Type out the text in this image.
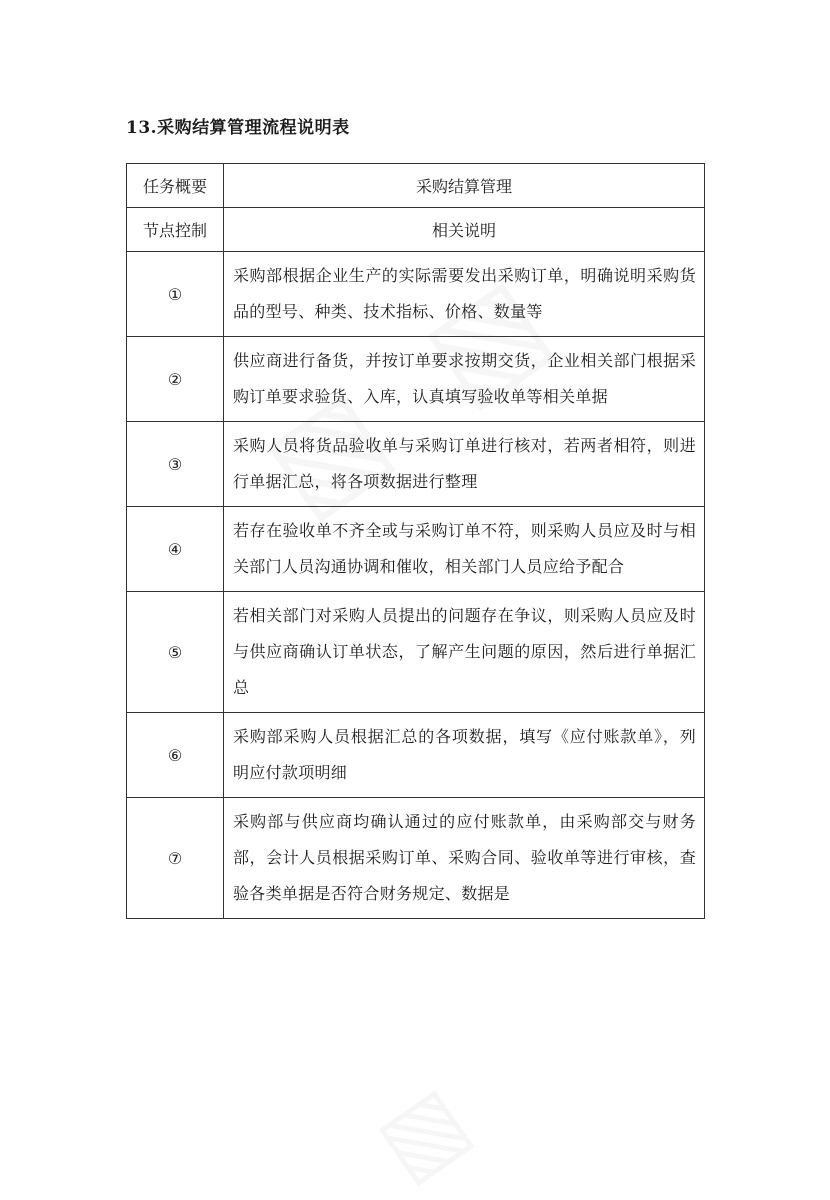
13.采购结算管理流程说明表
任务概要	采购结算管理
节点控制	相关说明
①	采购部根据企业生产的实际需要发出采购订单，明确说明采购货品的型号、种类、技术指标、价格、数量等
②	供应商进行备货，并按订单要求按期交货，企业相关部门根据采购订单要求验货、入库，认真填写验收单等相关单据
③	采购人员将货品验收单与采购订单进行核对，若两者相符，则进行单据汇总，将各项数据进行整理
④	若存在验收单不齐全或与采购订单不符，则采购人员应及时与相关部门人员沟通协调和催收，相关部门人员应给予配合
⑤	若相关部门对采购人员提出的问题存在争议，则采购人员应及时与供应商确认订单状态，了解产生问题的原因，然后进行单据汇总
⑥	采购部采购人员根据汇总的各项数据，填写《应付账款单》，列明应付款项明细
⑦	采购部与供应商均确认通过的应付账款单，由采购部交与财务部，会计人员根据采购订单、采购合同、验收单等进行审核，查验各类单据是否符合财务规定、数据是
